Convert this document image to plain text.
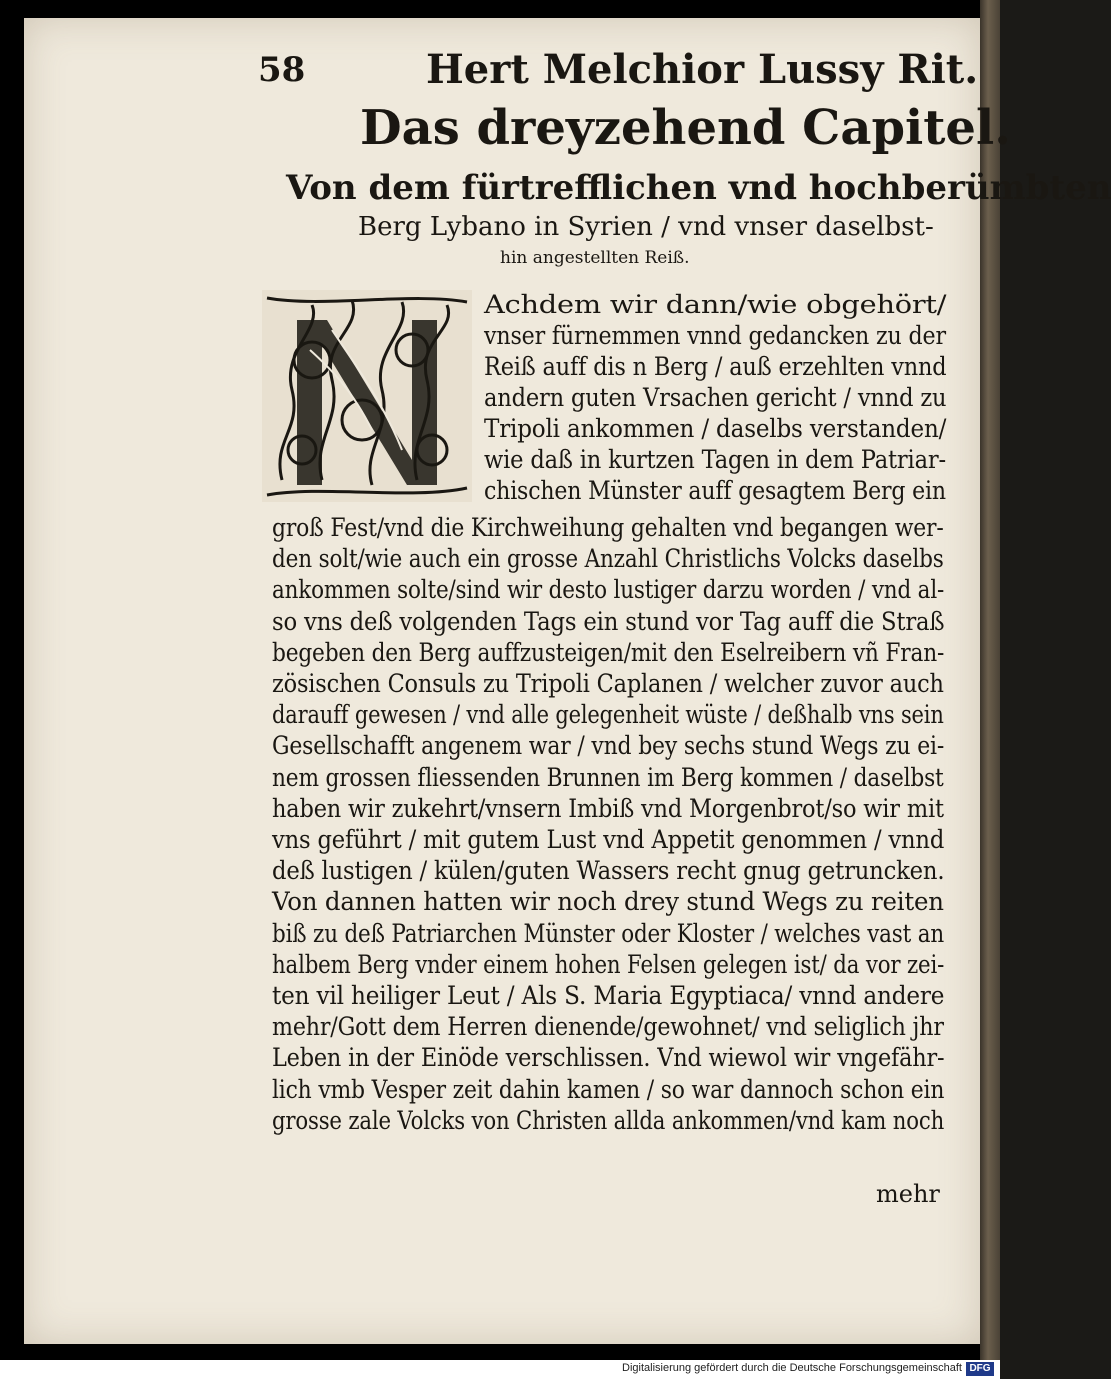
58	Hert Melchior Lussy Rit.
Das dreyzehend Capitel.
Von dem fürtrefflichen vnd hochberümbten
Berg Lybano in Syrien / vnd vnser daselbst-
hin angestellten Reiß.
Achdem wir dann/wie obgehört/
vnser fürnemmen vnnd gedancken zu der
Reiß auff dis n Berg / auß erzehlten vnnd
andern guten Vrsachen gericht / vnnd zu
Tripoli ankommen / daselbs verstanden/
wie daß in kurtzen Tagen in dem Patriar-
chischen Münster auff gesagtem Berg ein
groß Fest/vnd die Kirchweihung gehalten vnd begangen wer-
den solt/wie auch ein grosse Anzahl Christlichs Volcks daselbs
ankommen solte/sind wir desto lustiger darzu worden / vnd al-
so vns deß volgenden Tags ein stund vor Tag auff die Straß
begeben den Berg auffzusteigen/mit den Eselreibern vñ Fran-
zösischen Consuls zu Tripoli Caplanen / welcher zuvor auch
darauff gewesen / vnd alle gelegenheit wüste / deßhalb vns sein
Gesellschafft angenem war / vnd bey sechs stund Wegs zu ei-
nem grossen fliessenden Brunnen im Berg kommen / daselbst
haben wir zukehrt/vnsern Imbiß vnd Morgenbrot/so wir mit
vns geführt / mit gutem Lust vnd Appetit genommen / vnnd
deß lustigen / külen/guten Wassers recht gnug getruncken.
Von dannen hatten wir noch drey stund Wegs zu reiten
biß zu deß Patriarchen Münster oder Kloster / welches vast an
halbem Berg vnder einem hohen Felsen gelegen ist/ da vor zei-
ten vil heiliger Leut / Als S. Maria Egyptiaca/ vnnd andere
mehr/Gott dem Herren dienende/gewohnet/ vnd seliglich jhr
Leben in der Einöde verschlissen. Vnd wiewol wir vngefähr-
lich vmb Vesper zeit dahin kamen / so war dannoch schon ein
grosse zale Volcks von Christen allda ankommen/vnd kam noch
mehr
Digitalisierung gefördert durch die Deutsche Forschungsgemeinschaft DFG
